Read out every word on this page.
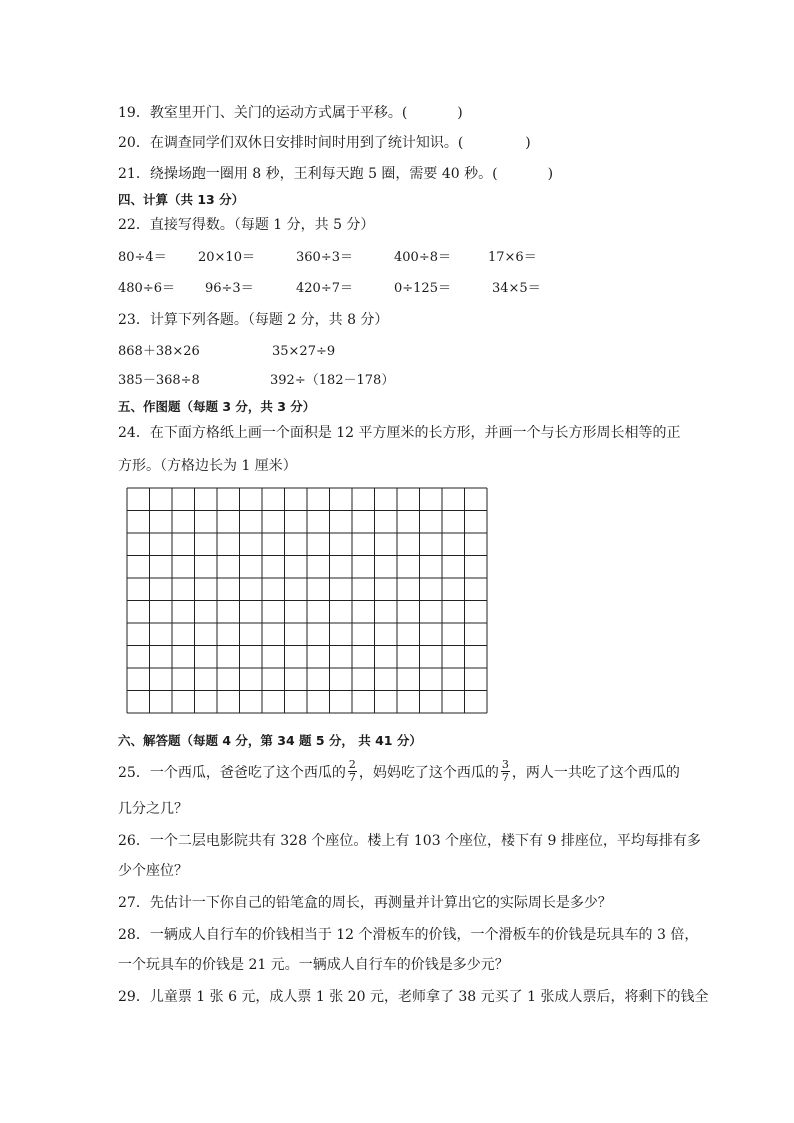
19．教室里开门、关门的运动方式属于平移。(	)
20．在调查同学们双休日安排时间时用到了统计知识。(	)
21．绕操场跑一圈用 8 秒，王利每天跑 5 圈，需要 40 秒。(	)
四、计算（共 13 分）
22．直接写得数。（每题 1 分，共 5 分）
80÷4＝ 20×10＝	360÷3＝	400÷8＝	17×6＝
480÷6＝ 96÷3＝	420÷7＝	0÷125＝	34×5＝
23．计算下列各题。（每题 2 分，共 8 分）
868＋38×26	35×27÷9
385－368÷8	392÷（182－178）
五、作图题（每题 3 分，共 3 分）
24．在下面方格纸上画一个面积是 12 平方厘米的长方形，并画一个与长方形周长相等的正
方形。（方格边长为 1 厘米）
六、解答题（每题 4 分，第 34 题 5 分， 共 41 分）
25．一个西瓜，爸爸吃了这个西瓜的 $\frac{2}{7}$ ，妈妈吃了这个西瓜的 $\frac{3}{7}$ ，两人一共吃了这个西瓜的
几分之几？
26．一个二层电影院共有 328 个座位。楼上有 103 个座位，楼下有 9 排座位，平均每排有多
少个座位？
27．先估计一下你自己的铅笔盒的周长，再测量并计算出它的实际周长是多少？
28．一辆成人自行车的价钱相当于 12 个滑板车的价钱，一个滑板车的价钱是玩具车的 3 倍，
一个玩具车的价钱是 21 元。一辆成人自行车的价钱是多少元？
29．儿童票 1 张 6 元，成人票 1 张 20 元，老师拿了 38 元买了 1 张成人票后，将剩下的钱全
